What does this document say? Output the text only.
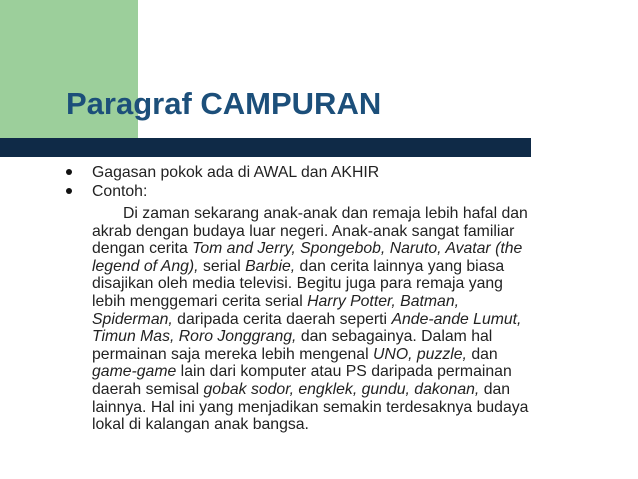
Paragraf CAMPURAN
Gagasan pokok ada di AWAL dan AKHIR
Contoh:
Di zaman sekarang anak-anak dan remaja lebih hafal dan
akrab dengan budaya luar negeri. Anak-anak sangat familiar
dengan cerita Tom and Jerry, Spongebob, Naruto, Avatar (the
legend of Ang), serial Barbie, dan cerita lainnya yang biasa
disajikan oleh media televisi. Begitu juga para remaja yang
lebih menggemari cerita serial Harry Potter, Batman,
Spiderman, daripada cerita daerah seperti Ande-ande Lumut,
Timun Mas, Roro Jonggrang, dan sebagainya. Dalam hal
permainan saja mereka lebih mengenal UNO, puzzle, dan
game-game lain dari komputer atau PS daripada permainan
daerah semisal gobak sodor, engklek, gundu, dakonan, dan
lainnya. Hal ini yang menjadikan semakin terdesaknya budaya
lokal di kalangan anak bangsa.
